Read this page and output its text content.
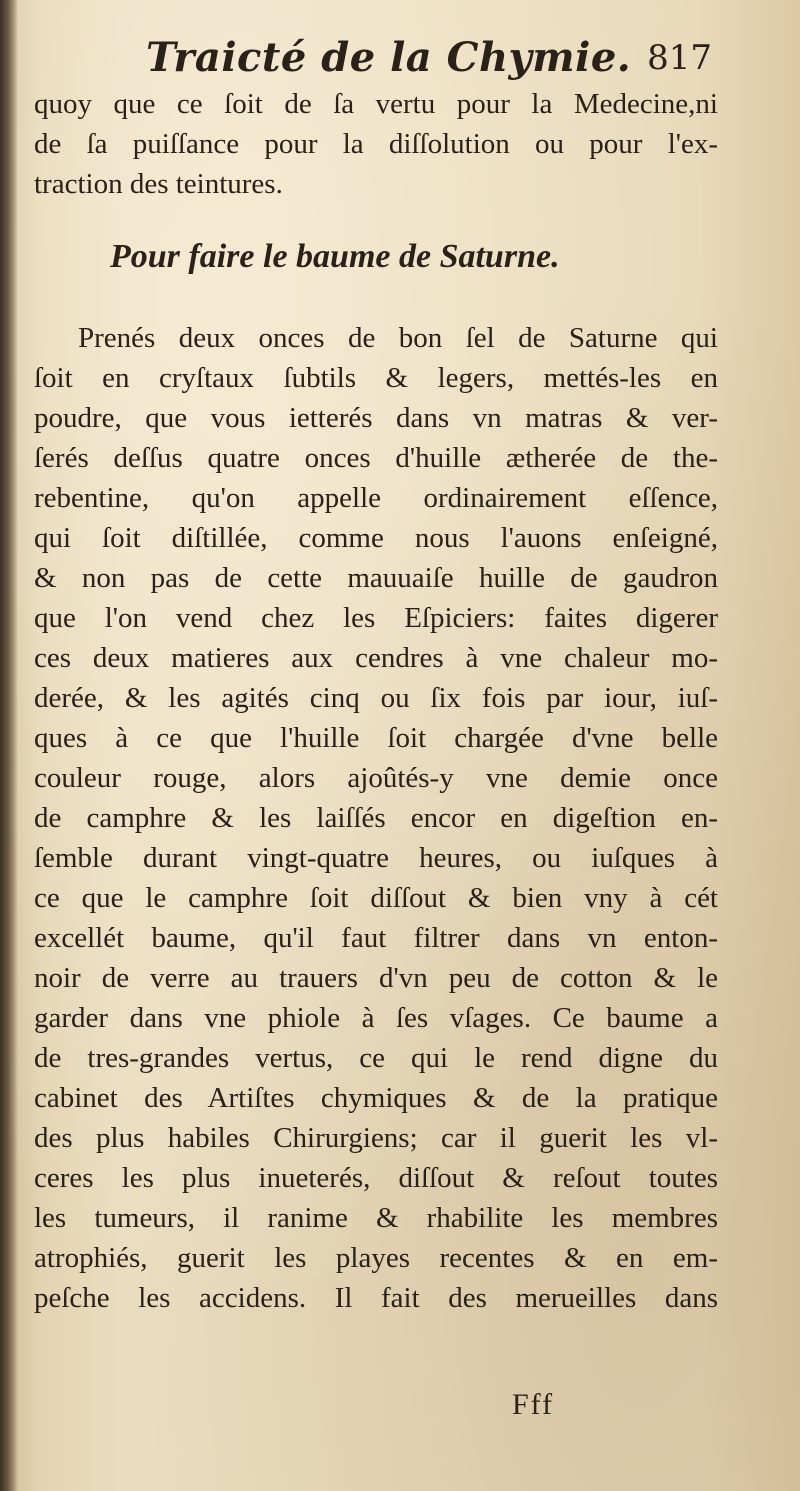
Traicté de la Chymie. 817
quoy que ce ſoit de ſa vertu pour la Medecine,ni
de ſa puiſſance pour la diſſolution ou pour l'ex-
traction des teintures.
Pour faire le baume de Saturne.
Prenés deux onces de bon ſel de Saturne qui
ſoit en cryſtaux ſubtils & legers, mettés-les en
poudre, que vous ietterés dans vn matras & ver-
ſerés deſſus quatre onces d'huille ætherée de the-
rebentine, qu'on appelle ordinairement eſſence,
qui ſoit diſtillée, comme nous l'auons enſeigné,
& non pas de cette mauuaiſe huille de gaudron
que l'on vend chez les Eſpiciers: faites digerer
ces deux matieres aux cendres à vne chaleur mo-
derée, & les agités cinq ou ſix fois par iour, iuſ-
ques à ce que l'huille ſoit chargée d'vne belle
couleur rouge, alors ajoûtés-y vne demie once
de camphre & les laiſſés encor en digeſtion en-
ſemble durant vingt-quatre heures, ou iuſques à
ce que le camphre ſoit diſſout & bien vny à cét
excellét baume, qu'il faut filtrer dans vn enton-
noir de verre au trauers d'vn peu de cotton & le
garder dans vne phiole à ſes vſages. Ce baume a
de tres-grandes vertus, ce qui le rend digne du
cabinet des Artiſtes chymiques & de la pratique
des plus habiles Chirurgiens; car il guerit les vl-
ceres les plus inueterés, diſſout & reſout toutes
les tumeurs, il ranime & rhabilite les membres
atrophiés, guerit les playes recentes & en em-
peſche les accidens. Il fait des merueilles dans
Fff
